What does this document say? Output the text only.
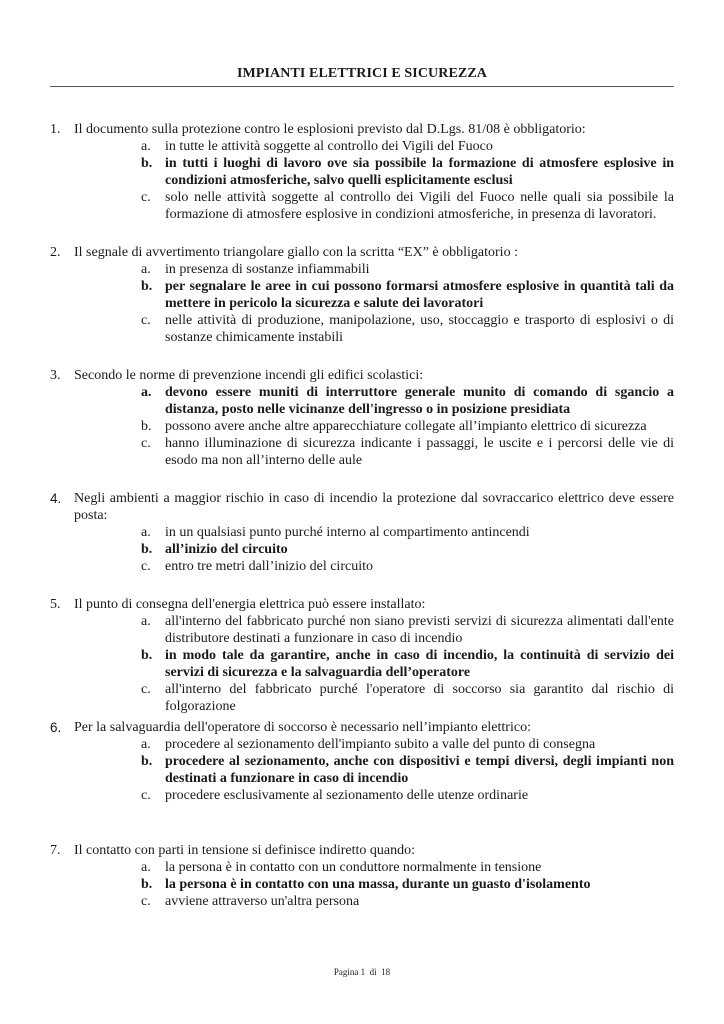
IMPIANTI ELETTRICI E SICUREZZA
1. Il documento sulla protezione contro le esplosioni previsto dal D.Lgs. 81/08 è obbligatorio:
a.	in tutte le attività soggette al controllo dei Vigili del Fuoco
b. in tutti i luoghi di lavoro ove sia possibile la formazione di atmosfere esplosive in condizioni atmosferiche, salvo quelli esplicitamente esclusi
c.	solo nelle attività soggette al controllo dei Vigili del Fuoco nelle quali sia possibile la formazione di atmosfere esplosive in condizioni atmosferiche, in presenza di lavoratori.
2. Il segnale di avvertimento triangolare giallo con la scritta “EX” è obbligatorio :
a.	in presenza di sostanze infiammabili
b. per segnalare le aree in cui possono formarsi atmosfere esplosive in quantità tali da mettere in pericolo la sicurezza e salute dei lavoratori
c.	nelle attività di produzione, manipolazione, uso, stoccaggio e trasporto di esplosivi o di sostanze chimicamente instabili
3. Secondo le norme di prevenzione incendi gli edifici scolastici:
a. devono essere muniti di interruttore generale munito di comando di sgancio a distanza, posto nelle vicinanze dell'ingresso o in posizione presidiata
b. possono avere anche altre apparecchiature collegate all’impianto elettrico di sicurezza
c.	hanno illuminazione di sicurezza indicante i passaggi, le uscite e i percorsi delle vie di esodo ma non all’interno delle aule
4. Negli ambienti a maggior rischio in caso di incendio la protezione dal sovraccarico elettrico deve essere posta:
a.	in un qualsiasi punto purché interno al compartimento antincendi
b. all’inizio del circuito
c.	entro tre metri dall’inizio del circuito
5. Il punto di consegna dell'energia elettrica può essere installato:
a.	all'interno del fabbricato purché non siano previsti servizi di sicurezza alimentati dall'ente distributore destinati a funzionare in caso di incendio
b. in modo tale da garantire, anche in caso di incendio, la continuità di servizio dei servizi di sicurezza e la salvaguardia dell’operatore
c.	all'interno del fabbricato purché l'operatore di soccorso sia garantito dal rischio di folgorazione
6. Per la salvaguardia dell'operatore di soccorso è necessario nell’impianto elettrico:
a.	procedere al sezionamento dell'impianto subito a valle del punto di consegna
b. procedere al sezionamento, anche con dispositivi e tempi diversi, degli impianti non destinati a funzionare in caso di incendio
c.	procedere esclusivamente al sezionamento delle utenze ordinarie
7. Il contatto con parti in tensione si definisce indiretto quando:
a.	la persona è in contatto con un conduttore normalmente in tensione
b. la persona è in contatto con una massa, durante un guasto d'isolamento
c.	avviene attraverso un'altra persona
Pagina 1  di  18
